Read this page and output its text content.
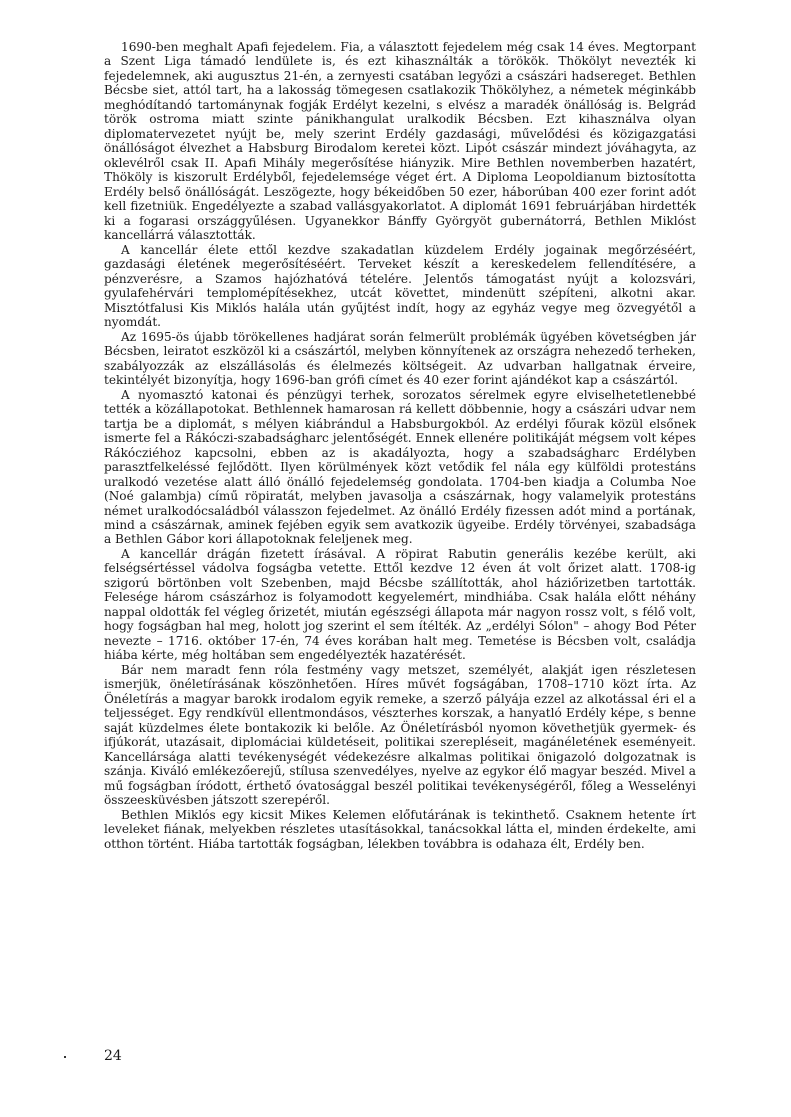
1690-ben meghalt Apafi fejedelem. Fia, a választott fejedelem még csak 14 éves. Megtorpant a Szent Liga támadó lendülete is, és ezt kihasználták a törökök. Thökölyt nevezték ki fejedelemnek, aki augusztus 21-én, a zernyesti csatában legyőzi a császári hadsereget. Bethlen Bécsbe siet, attól tart, ha a lakosság tömegesen csatlakozik Thökölyhez, a németek méginkább meghódítandó tartománynak fogják Erdélyt kezelni, s elvész a maradék önállóság is. Belgrád török ostroma miatt szinte pánikhangulat uralkodik Bécsben. Ezt kihasználva olyan diplomatervezetet nyújt be, mely szerint Erdély gazdasági, művelődési és közigazgatási önállóságot élvezhet a Habsburg Birodalom keretei közt. Lipót császár mindezt jóváhagyta, az oklevélről csak II. Apafi Mihály megerősítése hiányzik. Mire Bethlen novemberben hazatért, Thököly is kiszorult Erdélyből, fejedelemsége véget ért. A Diploma Leopoldianum biztosította Erdély belső önállóságát. Leszögezte, hogy békeidőben 50 ezer, háborúban 400 ezer forint adót kell fizetniük. Engedélyezte a szabad vallásgyakorlatot. A diplomát 1691 februárjában hirdették ki a fogarasi országgyűlésen. Ugyanekkor Bánffy Györgyöt gubernátorrá, Bethlen Miklóst kancellárrá választották.

A kancellár élete ettől kezdve szakadatlan küzdelem Erdély jogainak megőrzéséért, gazdasági életének megerősítéséért. Terveket készít a kereskedelem fellendítésére, a pénzverésre, a Szamos hajózhatóvá tételére. Jelentős támogatást nyújt a kolozsvári, gyulafehérvári templomépítésekhez, utcát követtet, mindenütt szépíteni, alkotni akar. Misztótfalusi Kis Miklós halála után gyűjtést indít, hogy az egyház vegye meg özvegyétől a nyomdát.

Az 1695-ös újabb törökellenes hadjárat során felmerült problémák ügyében követségben jár Bécsben, leiratot eszközöl ki a császártól, melyben könnyítenek az országra nehezedő terheken, szabályozzák az elszállásolás és élelmezés költségeit. Az udvarban hallgatnak érveire, tekintélyét bizonyítja, hogy 1696-ban grófi címet és 40 ezer forint ajándékot kap a császártól.

A nyomasztó katonai és pénzügyi terhek, sorozatos sérelmek egyre elviselhetetlenebbé tették a közállapotokat. Bethlennek hamarosan rá kellett döbbennie, hogy a császári udvar nem tartja be a diplomát, s mélyen kiábrándul a Habsburgokból. Az erdélyi főurak közül elsőnek ismerte fel a Rákóczi-szabadságharc jelentőségét. Ennek ellenére politikáját mégsem volt képes Rákócziéhoz kapcsolni, ebben az is akadályozta, hogy a szabadságharc Erdélyben parasztfelkeléssé fejlődött. Ilyen körülmények közt vetődik fel nála egy külföldi protestáns uralkodó vezetése alatt álló önálló fejedelemség gondolata. 1704-ben kiadja a Columba Noe (Noé galambja) című röpiratát, melyben javasolja a császárnak, hogy valamelyik protestáns német uralkodócsaládból válasszon fejedelmet. Az önálló Erdély fizessen adót mind a portának, mind a császárnak, aminek fejében egyik sem avatkozik ügyeibe. Erdély törvényei, szabadsága a Bethlen Gábor kori állapotoknak feleljenek meg.

A kancellár drágán fizetett írásával. A röpirat Rabutin generális kezébe került, aki felségsértéssel vádolva fogságba vetette. Ettől kezdve 12 éven át volt őrizet alatt. 1708-ig szigorú börtönben volt Szebenben, majd Bécsbe szállították, ahol háziőrizetben tartották. Felesége három császárhoz is folyamodott kegyelemért, mindhiába. Csak halála előtt néhány nappal oldották fel végleg őrizetét, miután egészségi állapota már nagyon rossz volt, s félő volt, hogy fogságban hal meg, holott jog szerint el sem ítélték. Az „erdélyi Sólon" – ahogy Bod Péter nevezte – 1716. október 17-én, 74 éves korában halt meg. Temetése is Bécsben volt, családja hiába kérte, még holtában sem engedélyezték hazatérését.

Bár nem maradt fenn róla festmény vagy metszet, személyét, alakját igen részletesen ismerjük, önéletírásának köszönhetően. Híres művét fogságában, 1708–1710 közt írta. Az Önéletírás a magyar barokk irodalom egyik remeke, a szerző pályája ezzel az alkotással éri el a teljességet. Egy rendkívül ellentmondásos, vészterhes korszak, a hanyatló Erdély képe, s benne saját küzdelmes élete bontakozik ki belőle. Az Önéletírásból nyomon követhetjük gyermek- és ifjúkorát, utazásait, diplomáciai küldetéseit, politikai szerepléseit, magánéletének eseményeit. Kancellársága alatti tevékenységét védekezésre alkalmas politikai önigazoló dolgozatnak is szánja. Kiváló emlékezőerejű, stílusa szenvedélyes, nyelve az egykor élő magyar beszéd. Mivel a mű fogságban íródott, érthető óvatosággal beszél politikai tevékenységéről, főleg a Wesselényi összeesküvésben játszott szerepéről.

Bethlen Miklós egy kicsit Mikes Kelemen előfutárának is tekinthető. Csaknem hetente írt leveleket fiának, melyekben részletes utasításokkal, tanácsokkal látta el, minden érdekelte, ami otthon történt. Hiába tartották fogságban, lélekben továbbra is odahaza élt, Erdély ben.

24
